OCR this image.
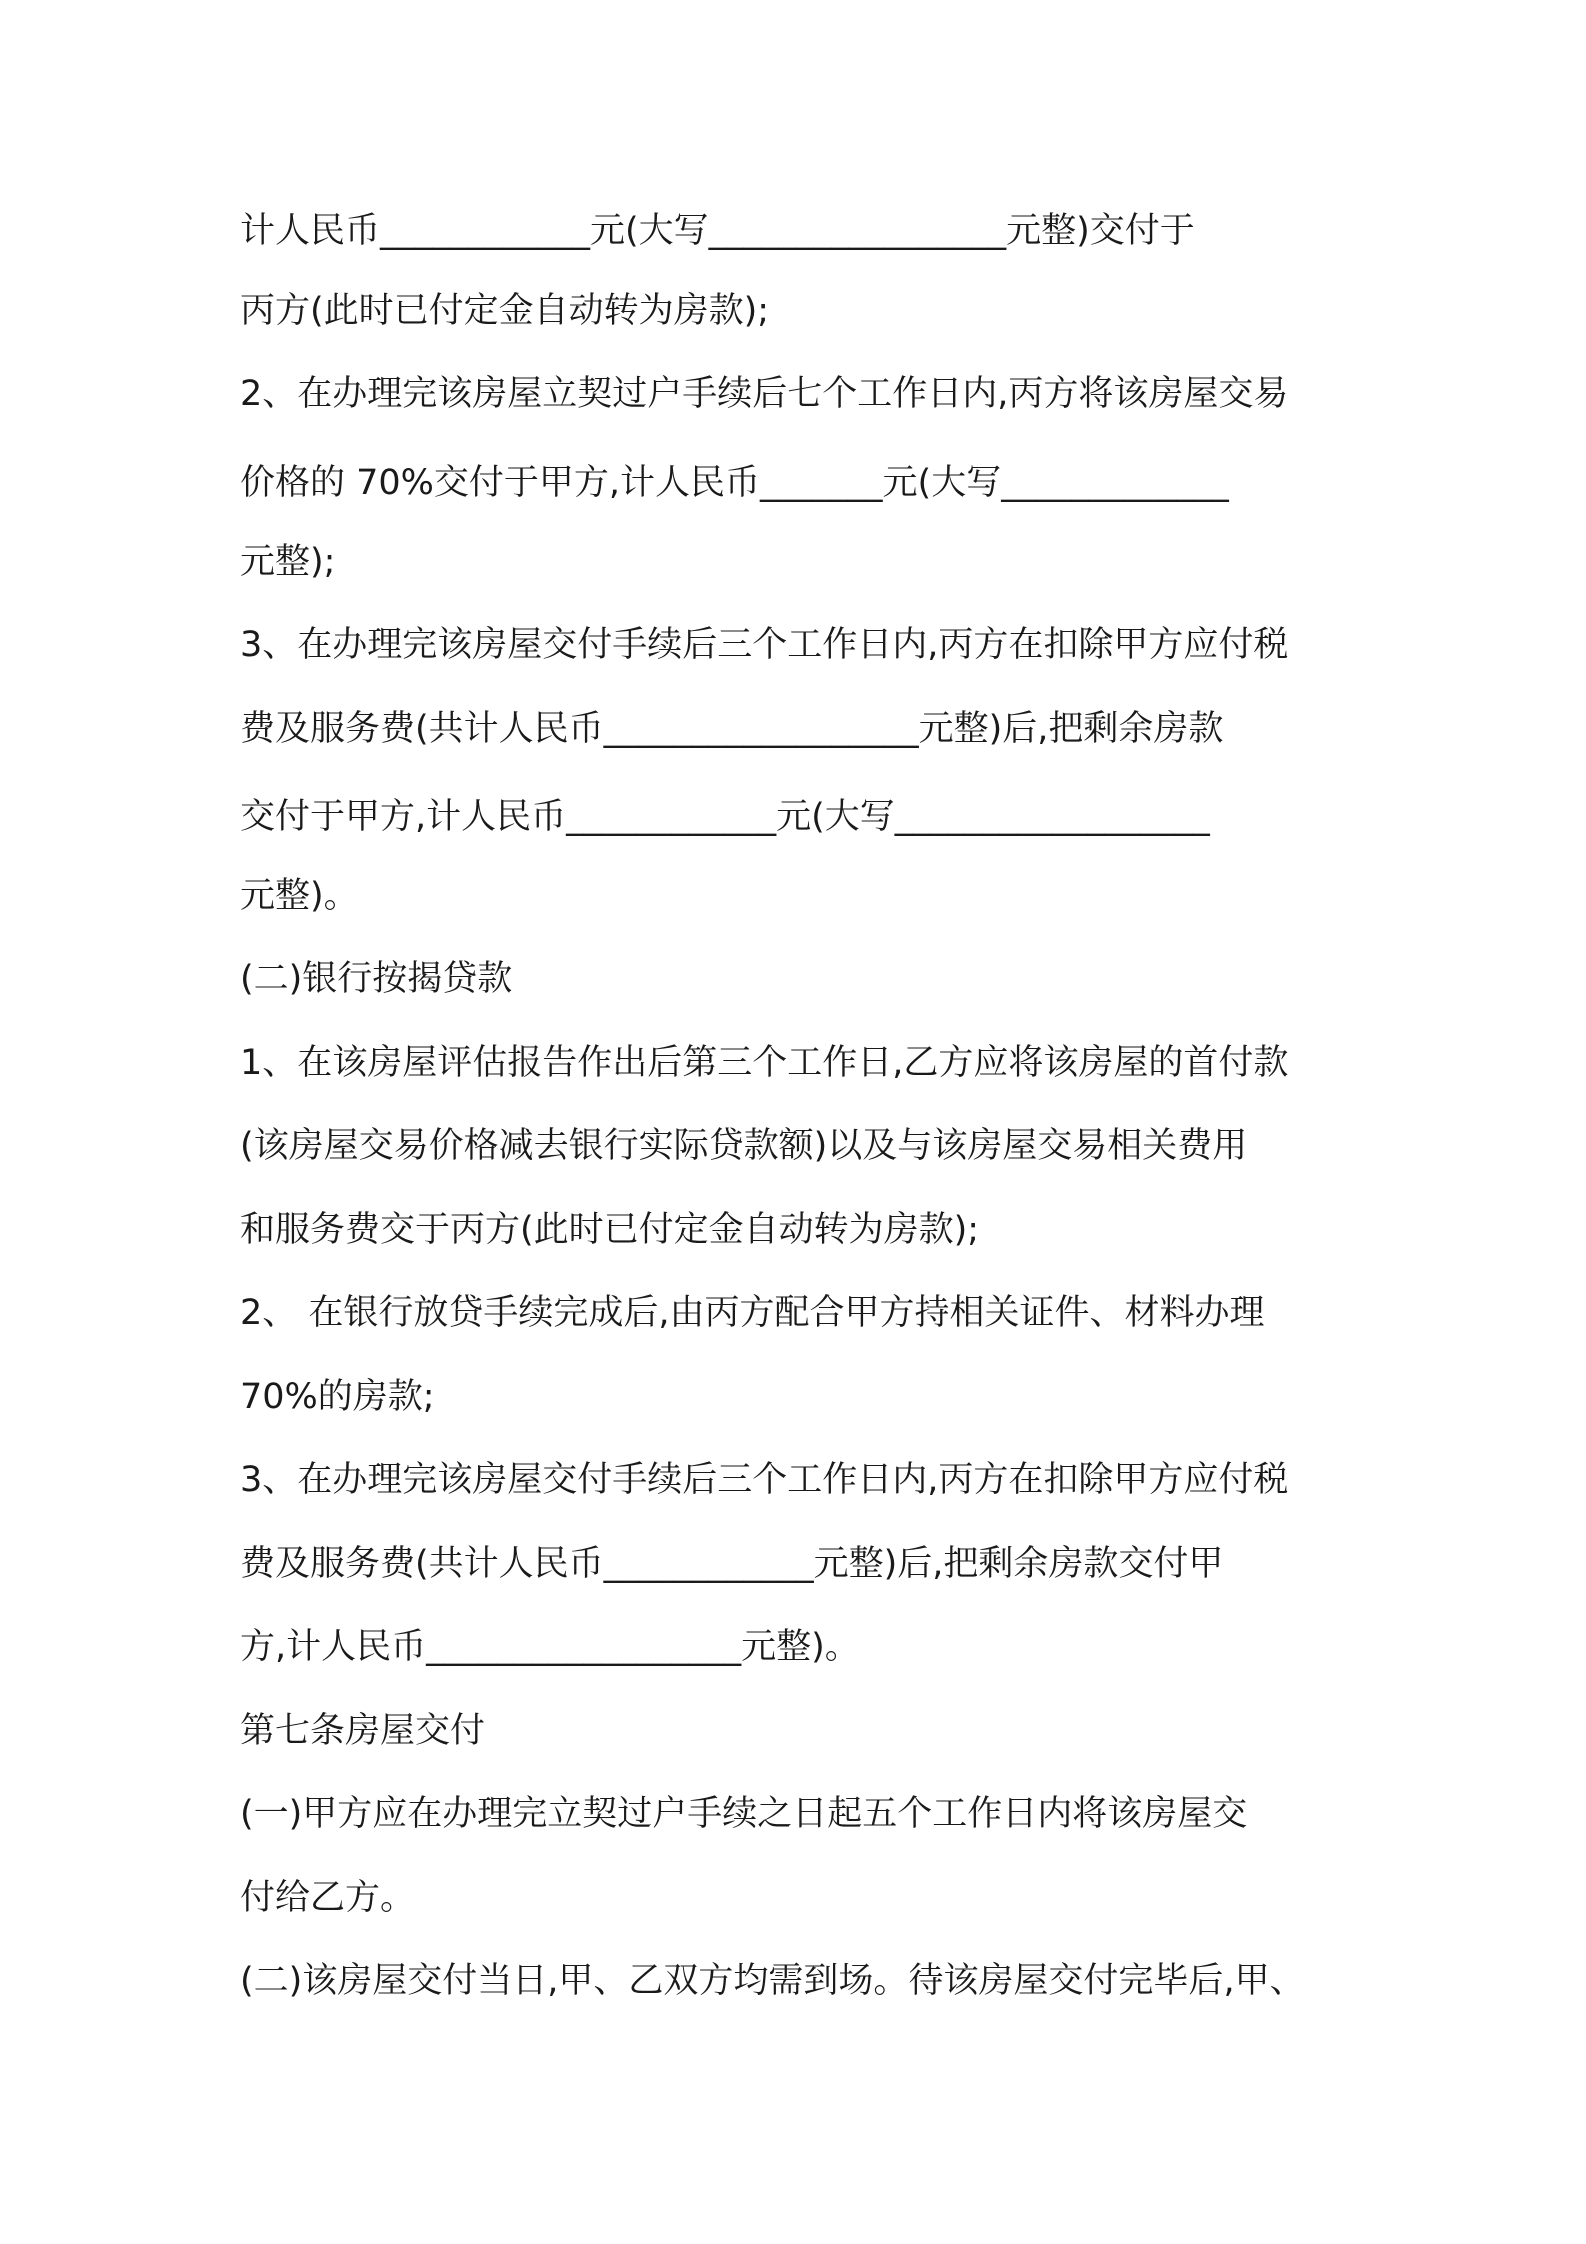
计人民币____________元(大写_________________元整)交付于
丙方(此时已付定金自动转为房款);
2、在办理完该房屋立契过户手续后七个工作日内,丙方将该房屋交易
价格的 70%交付于甲方,计人民币_______元(大写_____________
元整);
3、在办理完该房屋交付手续后三个工作日内,丙方在扣除甲方应付税
费及服务费(共计人民币__________________元整)后,把剩余房款
交付于甲方,计人民币____________元(大写__________________
元整)。
(二)银行按揭贷款
1、在该房屋评估报告作出后第三个工作日,乙方应将该房屋的首付款
(该房屋交易价格减去银行实际贷款额)以及与该房屋交易相关费用
和服务费交于丙方(此时已付定金自动转为房款);
2、 在银行放贷手续完成后,由丙方配合甲方持相关证件、材料办理
70%的房款;
3、在办理完该房屋交付手续后三个工作日内,丙方在扣除甲方应付税
费及服务费(共计人民币____________元整)后,把剩余房款交付甲
方,计人民币__________________元整)。
第七条房屋交付
(一)甲方应在办理完立契过户手续之日起五个工作日内将该房屋交
付给乙方。
(二)该房屋交付当日,甲、乙双方均需到场。待该房屋交付完毕后,甲、
